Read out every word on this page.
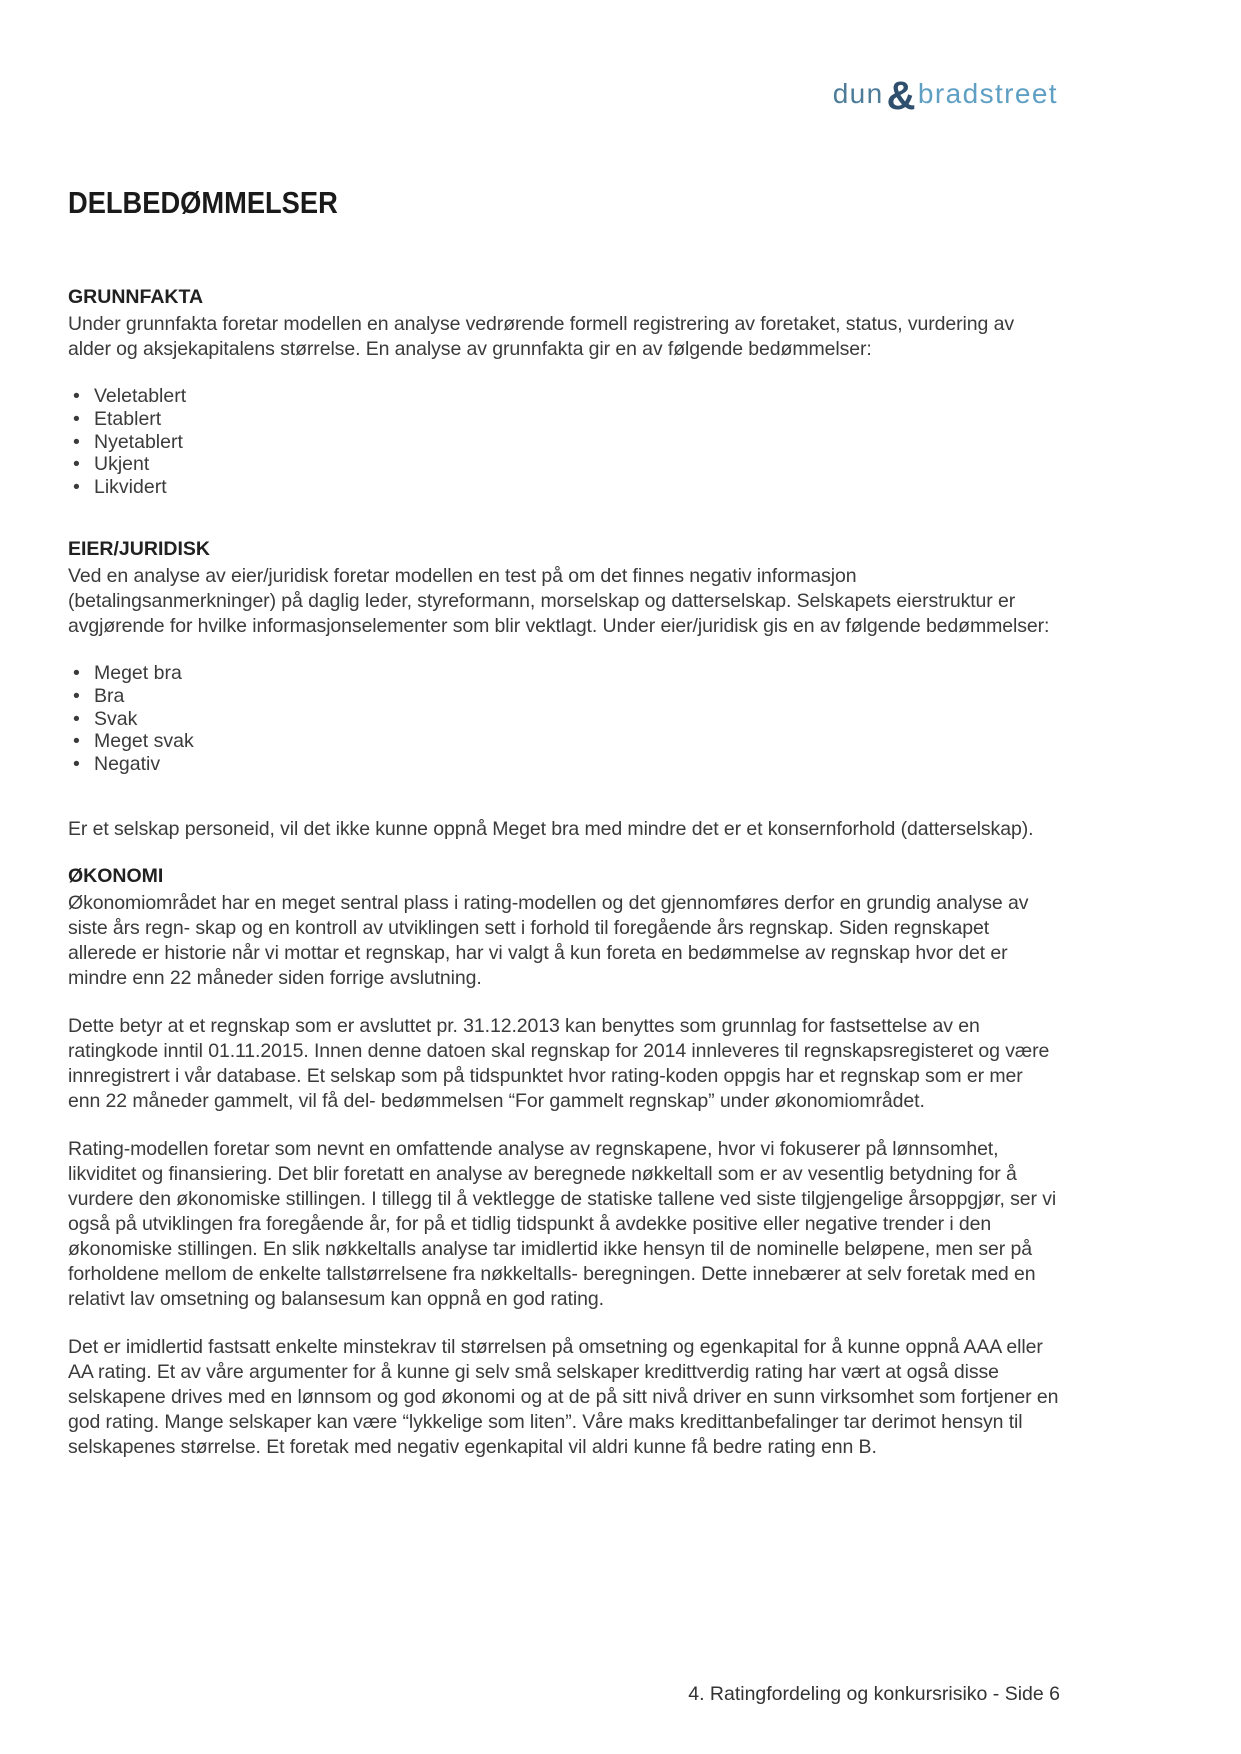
dun&bradstreet
DELBEDØMMELSER
GRUNNFAKTA

Under grunnfakta foretar modellen en analyse vedrørende formell registrering av foretaket, status, vurdering av alder og aksjekapitalens størrelse. En analyse av grunnfakta gir en av følgende bedømmelser:

• Veletablert
• Etablert
• Nyetablert
• Ukjent
• Likvidert
EIER/JURIDISK

Ved en analyse av eier/juridisk foretar modellen en test på om det finnes negativ informasjon (betalingsanmerkninger) på daglig leder, styreformann, morselskap og datterselskap. Selskapets eierstruktur er avgjørende for hvilke informasjonselementer som blir vektlagt. Under eier/juridisk gis en av følgende bedømmelser:

• Meget bra
• Bra
• Svak
• Meget svak
• Negativ

Er et selskap personeid, vil det ikke kunne oppnå Meget bra med mindre det er et konsernforhold (datterselskap).

ØKONOMI

Økonomiområdet har en meget sentral plass i rating-modellen og det gjennomføres derfor en grundig analyse av siste års regn- skap og en kontroll av utviklingen sett i forhold til foregående års regnskap. Siden regnskapet allerede er historie når vi mottar et regnskap, har vi valgt å kun foreta en bedømmelse av regnskap hvor det er mindre enn 22 måneder siden forrige avslutning.

Dette betyr at et regnskap som er avsluttet pr. 31.12.2013 kan benyttes som grunnlag for fastsettelse av en ratingkode inntil 01.11.2015. Innen denne datoen skal regnskap for 2014 innleveres til regnskapsregisteret og være innregistrert i vår database. Et selskap som på tidspunktet hvor rating-koden oppgis har et regnskap som er mer enn 22 måneder gammelt, vil få del- bedømmelsen “For gammelt regnskap” under økonomiområdet.

Rating-modellen foretar som nevnt en omfattende analyse av regnskapene, hvor vi fokuserer på lønnsomhet, likviditet og finansiering. Det blir foretatt en analyse av beregnede nøkkeltall som er av vesentlig betydning for å vurdere den økonomiske stillingen. I tillegg til å vektlegge de statiske tallene ved siste tilgjengelige årsoppgjør, ser vi også på utviklingen fra foregående år, for på et tidlig tidspunkt å avdekke positive eller negative trender i den økonomiske stillingen. En slik nøkkeltalls analyse tar imidlertid ikke hensyn til de nominelle beløpene, men ser på forholdene mellom de enkelte tallstørrelsene fra nøkkeltalls- beregningen. Dette innebærer at selv foretak med en relativt lav omsetning og balansesum kan oppnå en god rating.

Det er imidlertid fastsatt enkelte minstekrav til størrelsen på omsetning og egenkapital for å kunne oppnå AAA eller AA rating. Et av våre argumenter for å kunne gi selv små selskaper kredittverdig rating har vært at også disse selskapene drives med en lønnsom og god økonomi og at de på sitt nivå driver en sunn virksomhet som fortjener en god rating. Mange selskaper kan være “lykkelige som liten”. Våre maks kredittanbefalinger tar derimot hensyn til selskapenes størrelse. Et foretak med negativ egenkapital vil aldri kunne få bedre rating enn B.

4. Ratingfordeling og konkursrisiko - Side 6
